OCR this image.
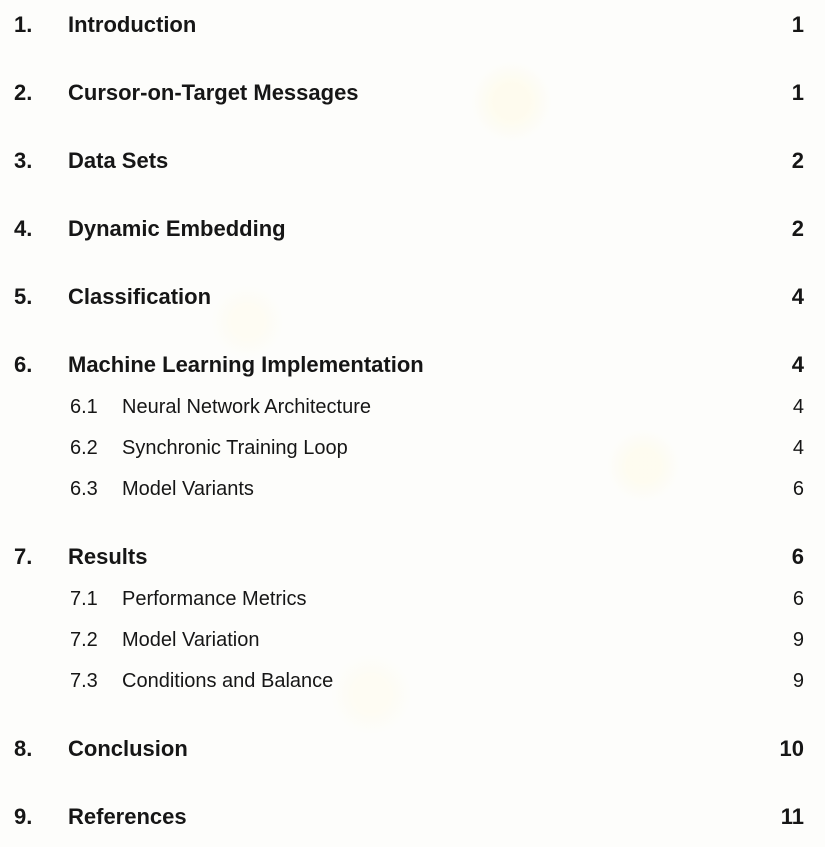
1.	Introduction	1
2.	Cursor-on-Target Messages	1
3.	Data Sets	2
4.	Dynamic Embedding	2
5.	Classification	4
6.	Machine Learning Implementation	4
6.1	Neural Network Architecture	4
6.2	Synchronic Training Loop	4
6.3	Model Variants	6
7.	Results	6
7.1	Performance Metrics	6
7.2	Model Variation	9
7.3	Conditions and Balance	9
8.	Conclusion	10
9.	References	11
